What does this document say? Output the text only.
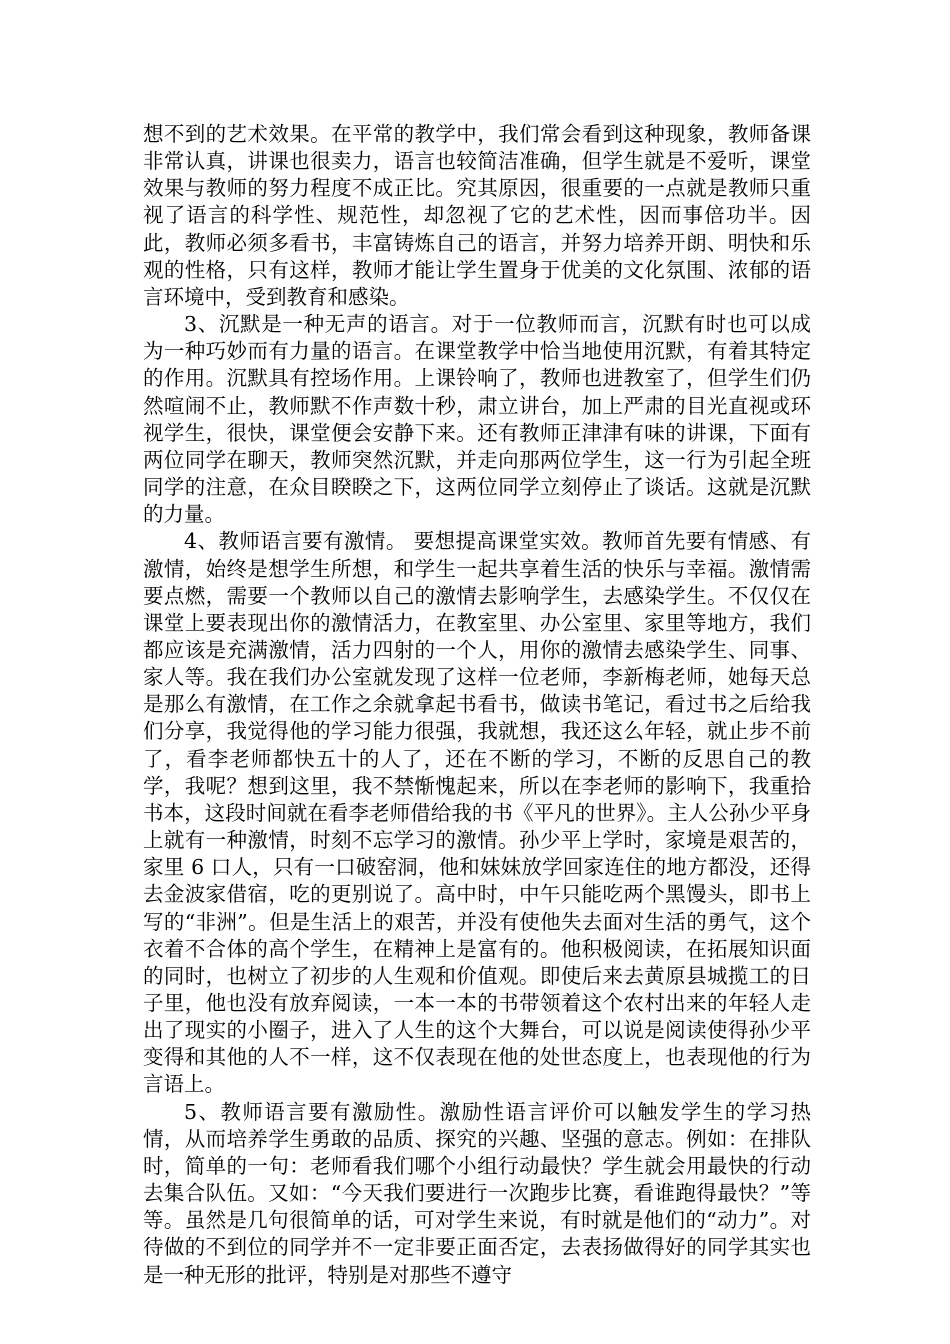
想不到的艺术效果。在平常的教学中，我们常会看到这种现象，教师备课非常认真，讲课也很卖力，语言也较简洁准确，但学生就是不爱听，课堂效果与教师的努力程度不成正比。究其原因，很重要的一点就是教师只重视了语言的科学性、规范性，却忽视了它的艺术性，因而事倍功半。因此，教师必须多看书，丰富铸炼自己的语言，并努力培养开朗、明快和乐观的性格，只有这样，教师才能让学生置身于优美的文化氛围、浓郁的语言环境中，受到教育和感染。

3、沉默是一种无声的语言。对于一位教师而言，沉默有时也可以成为一种巧妙而有力量的语言。在课堂教学中恰当地使用沉默，有着其特定的作用。沉默具有控场作用。上课铃响了，教师也进教室了，但学生们仍然喧闹不止，教师默不作声数十秒，肃立讲台，加上严肃的目光直视或环视学生，很快，课堂便会安静下来。还有教师正津津有味的讲课，下面有两位同学在聊天，教师突然沉默，并走向那两位学生，这一行为引起全班同学的注意，在众目睽睽之下，这两位同学立刻停止了谈话。这就是沉默的力量。

4、教师语言要有激情。 要想提高课堂实效。教师首先要有情感、有激情，始终是想学生所想，和学生一起共享着生活的快乐与幸福。激情需要点燃，需要一个教师以自己的激情去影响学生，去感染学生。不仅仅在课堂上要表现出你的激情活力，在教室里、办公室里、家里等地方，我们都应该是充满激情，活力四射的一个人，用你的激情去感染学生、同事、家人等。我在我们办公室就发现了这样一位老师，李新梅老师，她每天总是那么有激情，在工作之余就拿起书看书，做读书笔记，看过书之后给我们分享，我觉得他的学习能力很强，我就想，我还这么年轻，就止步不前了，看李老师都快五十的人了，还在不断的学习，不断的反思自己的教学，我呢？想到这里，我不禁惭愧起来，所以在李老师的影响下，我重拾书本，这段时间就在看李老师借给我的书《平凡的世界》。主人公孙少平身上就有一种激情，时刻不忘学习的激情。孙少平上学时，家境是艰苦的，家里 6 口人，只有一口破窑洞，他和妹妹放学回家连住的地方都没，还得去金波家借宿，吃的更别说了。高中时，中午只能吃两个黑馒头，即书上写的“非洲”。但是生活上的艰苦，并没有使他失去面对生活的勇气，这个衣着不合体的高个学生，在精神上是富有的。他积极阅读，在拓展知识面的同时，也树立了初步的人生观和价值观。即使后来去黄原县城揽工的日子里，他也没有放弃阅读，一本一本的书带领着这个农村出来的年轻人走出了现实的小圈子，进入了人生的这个大舞台，可以说是阅读使得孙少平变得和其他的人不一样，这不仅表现在他的处世态度上，也表现他的行为言语上。

5、教师语言要有激励性。激励性语言评价可以触发学生的学习热情，从而培养学生勇敢的品质、探究的兴趣、坚强的意志。例如：在排队时，简单的一句：老师看我们哪个小组行动最快？学生就会用最快的行动去集合队伍。又如：“今天我们要进行一次跑步比赛，看谁跑得最快？”等等。虽然是几句很简单的话，可对学生来说，有时就是他们的“动力”。对待做的不到位的同学并不一定非要正面否定，去表扬做得好的同学其实也是一种无形的批评，特别是对那些不遵守
